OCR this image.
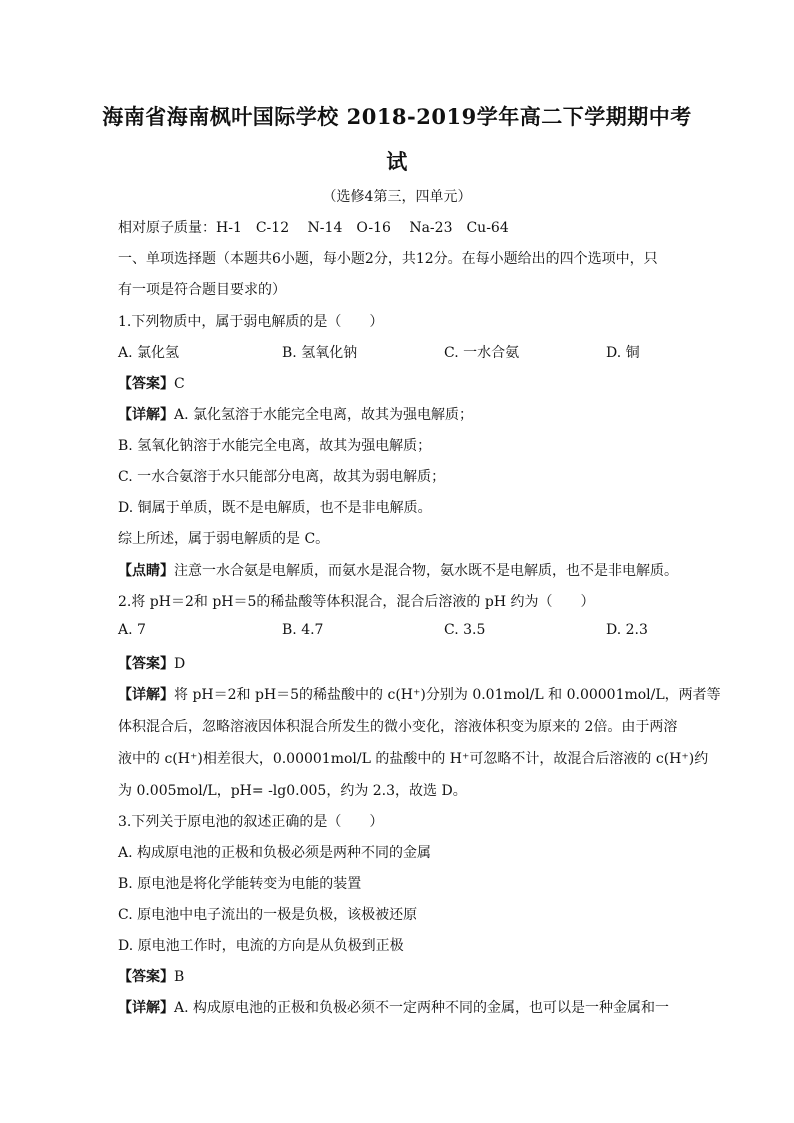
海南省海南枫叶国际学校 2018-2019学年高二下学期期中考
试
（选修4第三，四单元）
相对原子质量：H-1　C-12　 N-14　O-16　 Na-23　Cu-64
一、单项选择题（本题共6小题，每小题2分，共12分。在每小题给出的四个选项中，只
有一项是符合题目要求的）
1.下列物质中，属于弱电解质的是（　　）
A. 氯化氢	B. 氢氧化钠	C. 一水合氨	D. 铜
【答案】C
【详解】A. 氯化氢溶于水能完全电离，故其为强电解质；
B. 氢氧化钠溶于水能完全电离，故其为强电解质；
C. 一水合氨溶于水只能部分电离，故其为弱电解质；
D. 铜属于单质，既不是电解质，也不是非电解质。
综上所述，属于弱电解质的是 C。
【点睛】注意一水合氨是电解质，而氨水是混合物，氨水既不是电解质，也不是非电解质。
2.将 pH＝2和 pH＝5的稀盐酸等体积混合，混合后溶液的 pH 约为（　　）
A. 7	B. 4.7	C. 3.5	D. 2.3
【答案】D
【详解】将 pH＝2和 pH＝5的稀盐酸中的 c(H⁺)分别为 0.01mol/L 和 0.00001mol/L，两者等
体积混合后，忽略溶液因体积混合所发生的微小变化，溶液体积变为原来的 2倍。由于两溶
液中的 c(H⁺)相差很大，0.00001mol/L 的盐酸中的 H⁺可忽略不计，故混合后溶液的 c(H⁺)约
为 0.005mol/L，pH= -lg0.005，约为 2.3，故选 D。
3.下列关于原电池的叙述正确的是（　　）
A. 构成原电池的正极和负极必须是两种不同的金属
B. 原电池是将化学能转变为电能的装置
C. 原电池中电子流出的一极是负极，该极被还原
D. 原电池工作时，电流的方向是从负极到正极
【答案】B
【详解】A. 构成原电池的正极和负极必须不一定两种不同的金属，也可以是一种金属和一
